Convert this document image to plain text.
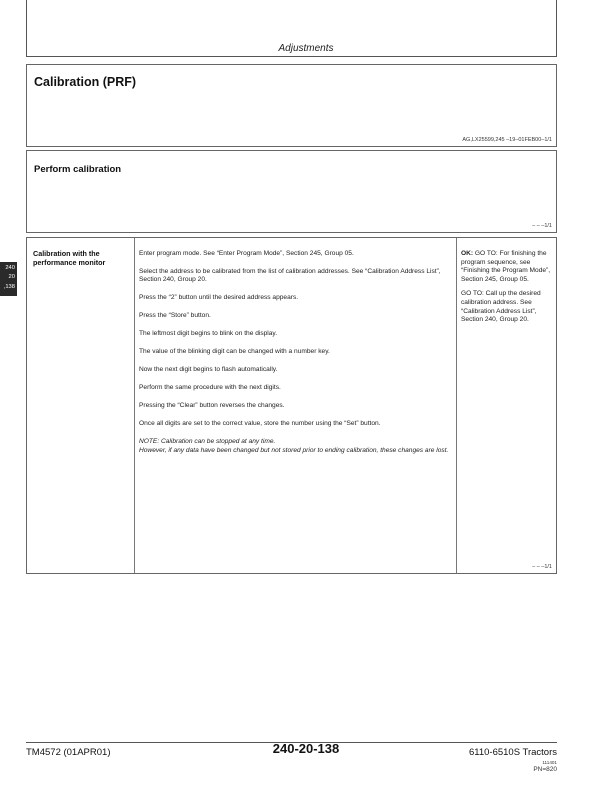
Adjustments
Calibration (PRF)
AG,LX25599,245 –19–01FEB00–1/1
Perform calibration
– – –1/1
240
20
,138
Calibration with the
performance monitor

Enter program mode. See “Enter Program Mode”, Section 245, Group 05.

Select the address to be calibrated from the list of calibration addresses. See “Calibration Address List”, Section 240, Group 20.

Press the “2” button until the desired address appears.

Press the “Store” button.

The leftmost digit begins to blink on the display.

The value of the blinking digit can be changed with a number key.

Now the next digit begins to flash automatically.

Perform the same procedure with the next digits.

Pressing the “Clear” button reverses the changes.

Once all digits are set to the correct value, store the number using the “Set” button.

NOTE: Calibration can be stopped at any time.

However, if any data have been changed but not stored prior to ending calibration, these changes are lost.

OK: GO TO: For finishing the program sequence, see “Finishing the Program Mode”, Section 245, Group 05.

GO TO: Call up the desired calibration address. See “Calibration Address List”, Section 240, Group 20.

– – –1/1
TM4572 (01APR01)	240-20-138	6110-6510S Tractors
111401
PN=820
